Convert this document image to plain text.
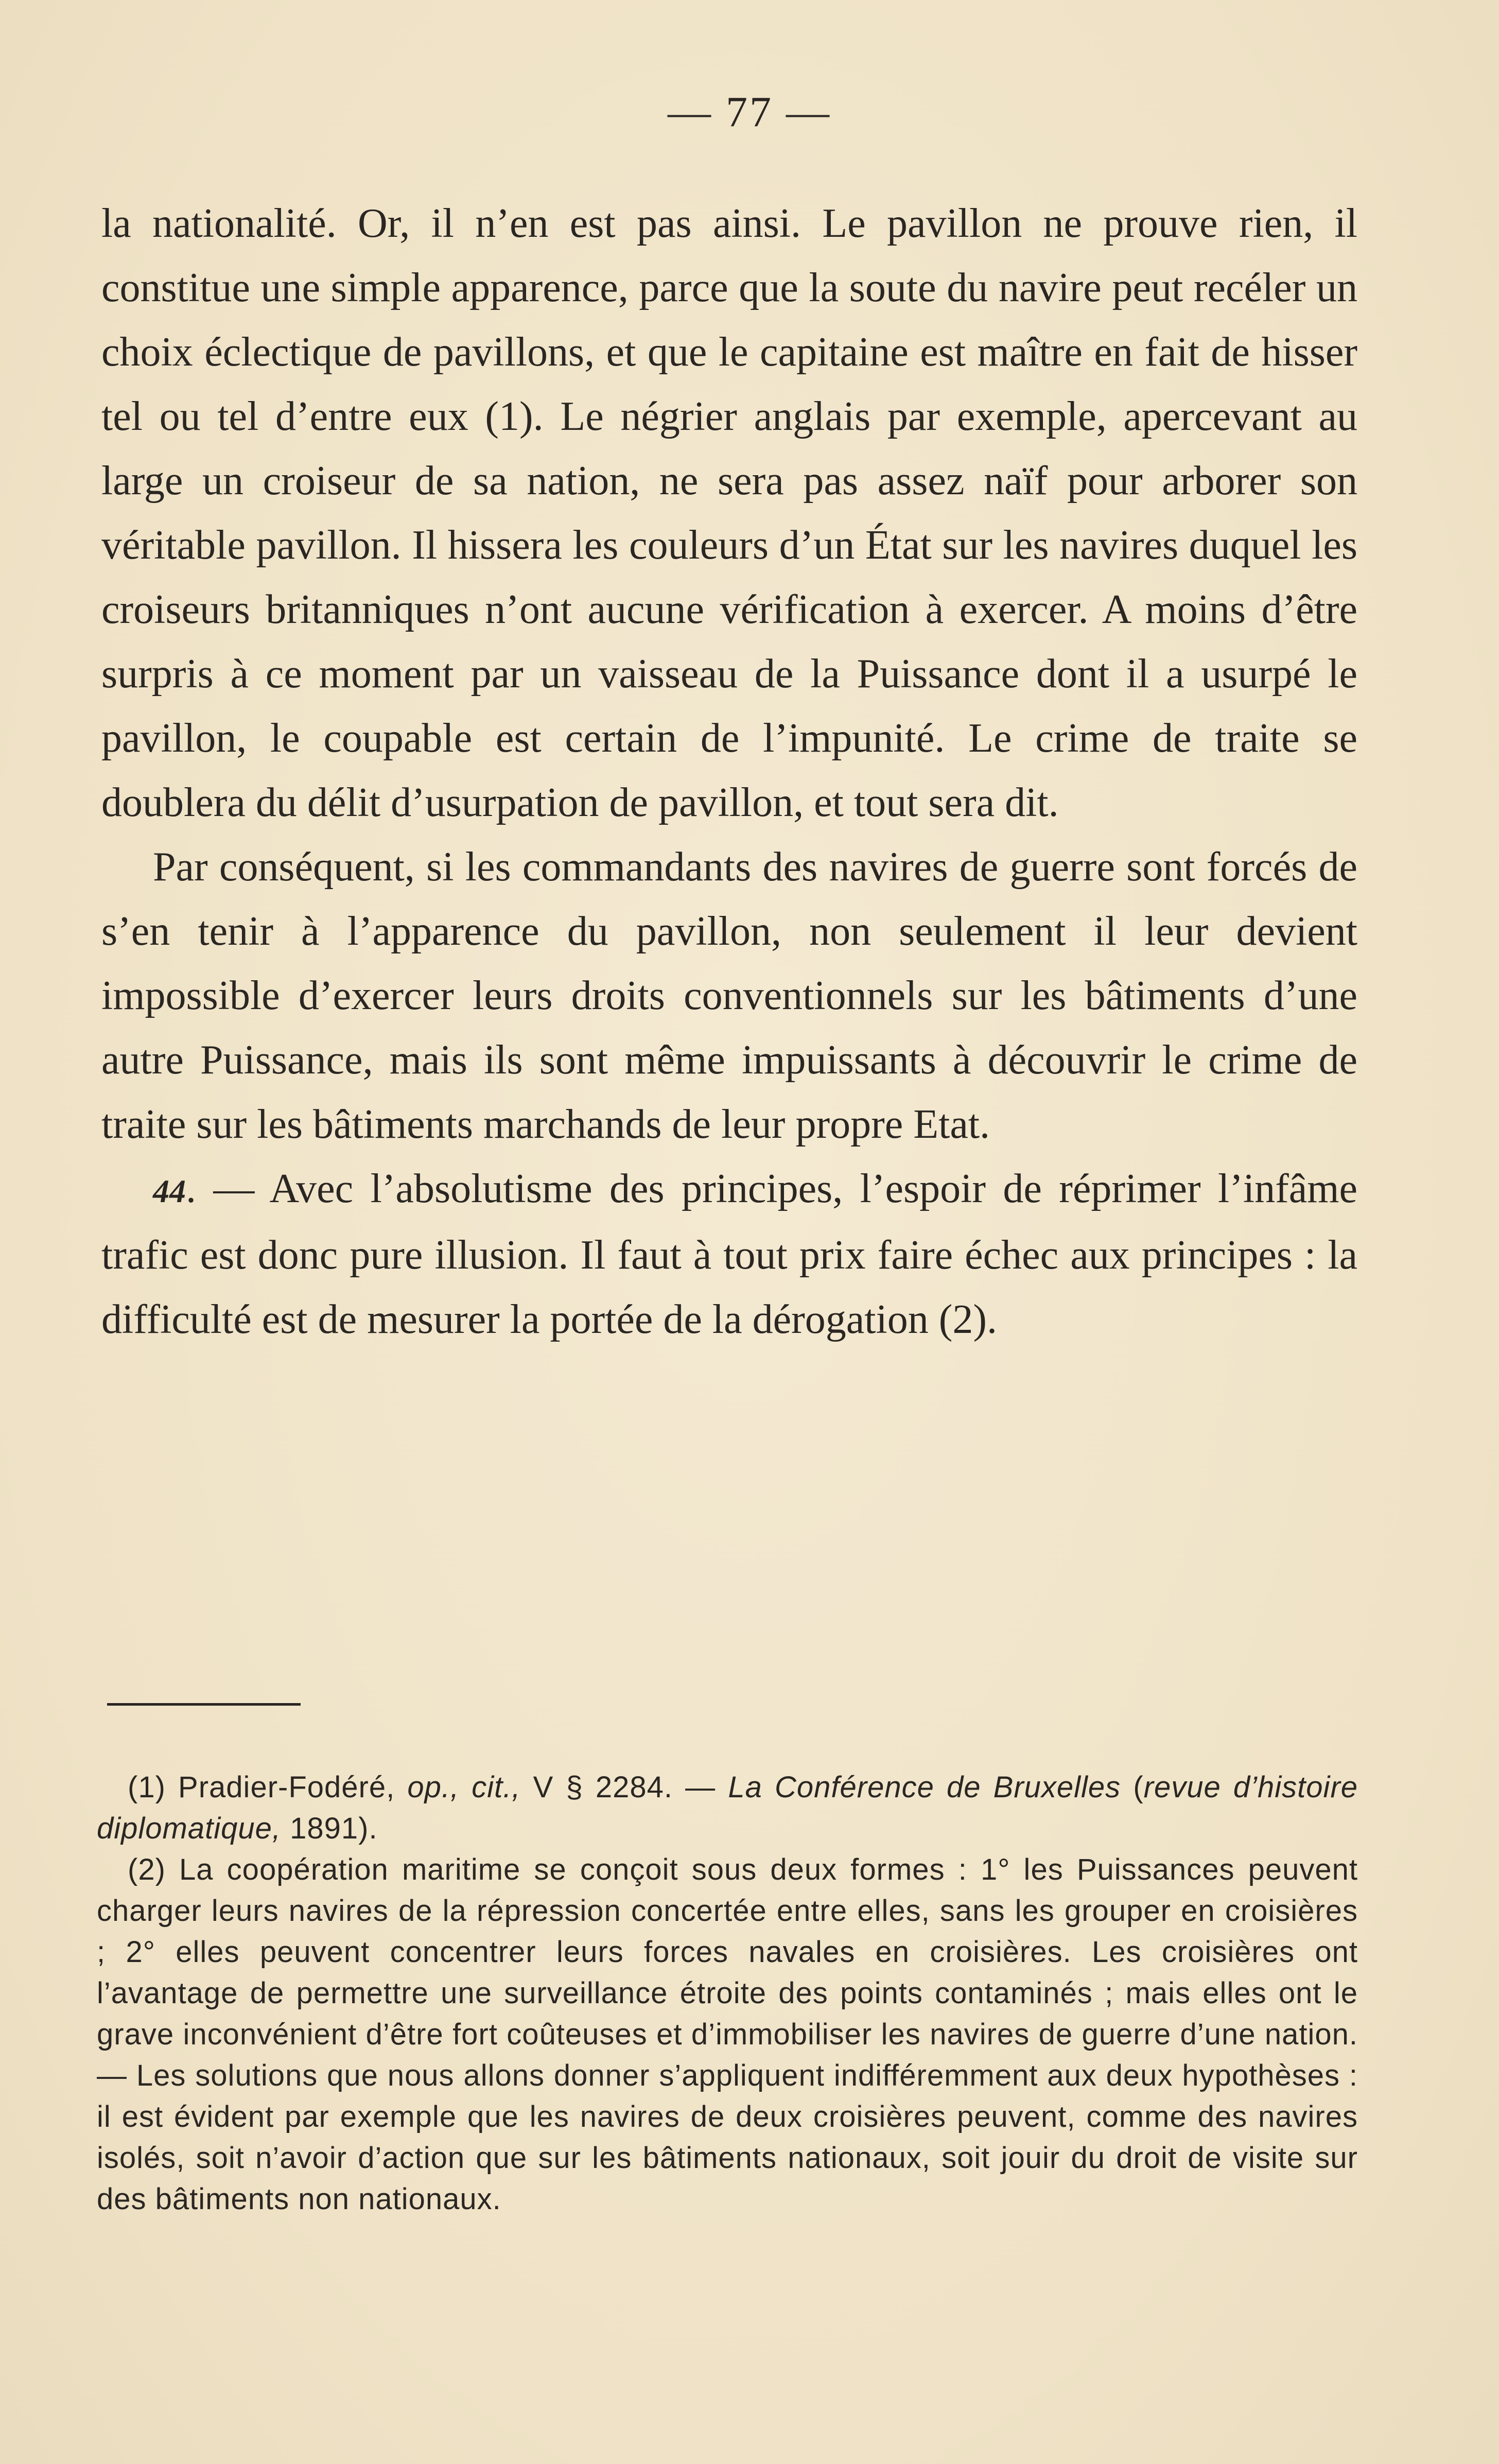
— 77 —

la nationalité. Or, il n’en est pas ainsi. Le pavillon ne prouve rien, il constitue une simple apparence, parce que la soute du navire peut recéler un choix éclectique de pavillons, et que le capitaine est maître en fait de hisser tel ou tel d’entre eux (1). Le négrier anglais par exemple, apercevant au large un croiseur de sa nation, ne sera pas assez naïf pour arborer son véritable pavillon. Il hissera les couleurs d’un État sur les navires duquel les croiseurs britanniques n’ont aucune vérification à exercer. A moins d’être surpris à ce moment par un vaisseau de la Puissance dont il a usurpé le pavillon, le coupable est certain de l’impunité. Le crime de traite se doublera du délit d’usurpation de pavillon, et tout sera dit.

Par conséquent, si les commandants des navires de guerre sont forcés de s’en tenir à l’apparence du pavillon, non seulement il leur devient impossible d’exercer leurs droits conventionnels sur les bâtiments d’une autre Puissance, mais ils sont même impuissants à découvrir le crime de traite sur les bâtiments marchands de leur propre Etat.

44. — Avec l’absolutisme des principes, l’espoir de réprimer l’infâme trafic est donc pure illusion. Il faut à tout prix faire échec aux principes : la difficulté est de mesurer la portée de la dérogation (2).

(1) Pradier-Fodéré, op., cit., V § 2284. — La Conférence de Bruxelles (revue d’histoire diplomatique, 1891).

(2) La coopération maritime se conçoit sous deux formes : 1° les Puissances peuvent charger leurs navires de la répression concertée entre elles, sans les grouper en croisières ; 2° elles peuvent concentrer leurs forces navales en croisières. Les croisières ont l’avantage de permettre une surveillance étroite des points contaminés ; mais elles ont le grave inconvénient d’être fort coûteuses et d’immobiliser les navires de guerre d’une nation. — Les solutions que nous allons donner s’appliquent indifféremment aux deux hypothèses : il est évident par exemple que les navires de deux croisières peuvent, comme des navires isolés, soit n’avoir d’action que sur les bâtiments nationaux, soit jouir du droit de visite sur des bâtiments non nationaux.
